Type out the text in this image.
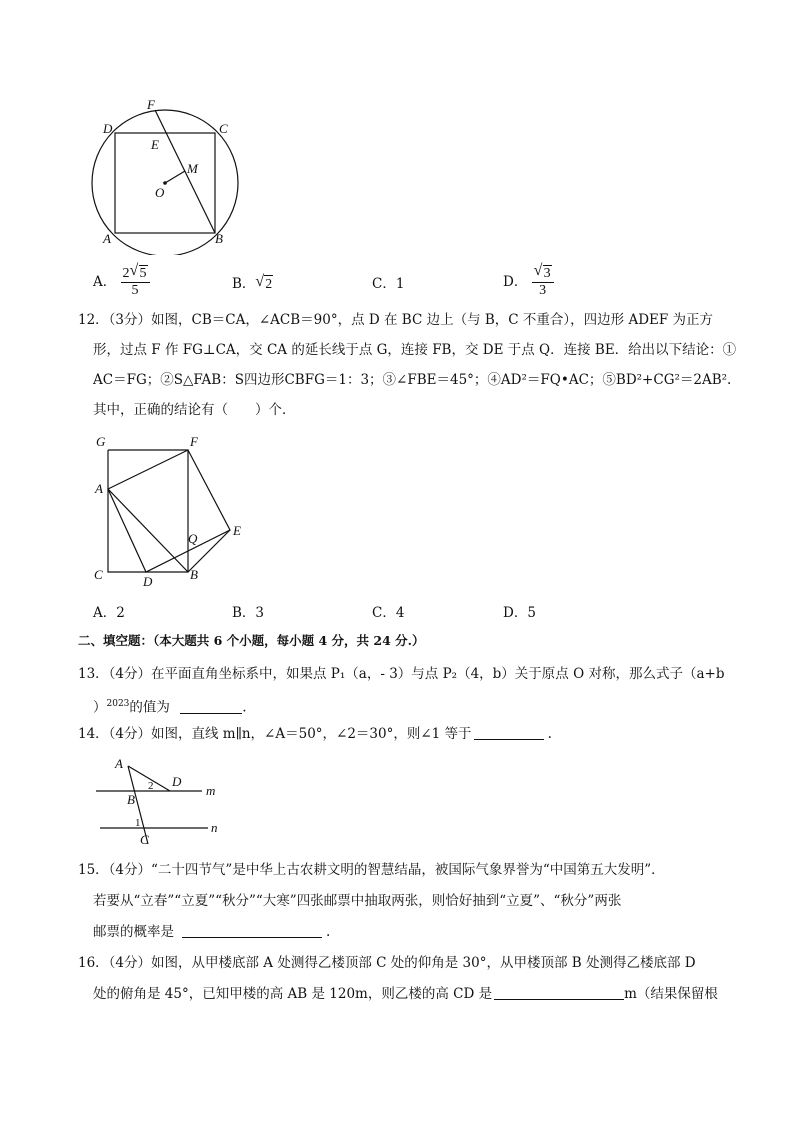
F
D	C
E
M
O
A	B
A． $\frac{2 √ 5}{5}$	B． √ 2	C．1	D． $\frac{√ 3}{3}$
12．（3分）如图，CB＝CA，∠ACB＝90°，点 D 在 BC 边上（与 B，C 不重合），四边形 ADEF 为正方
形，过点 F 作 FG⊥CA，交 CA 的延长线于点 G，连接 FB，交 DE 于点 Q．连接 BE．给出以下结论：①
AC＝FG；②S△FAB：S四边形CBFG＝1：3；③∠FBE＝45°；④AD²＝FQ•AC；⑤BD²+CG²＝2AB².
其中，正确的结论有（　　）个．
G	F
A
Q
E
C	D	B
A．2	B．3	C．4	D．5
二、填空题：（本大题共 6 个小题，每小题 4 分，共 24 分.）
13．（4分）在平面直角坐标系中，如果点 P₁（a，- 3）与点 P₂（4，b）关于原点 O 对称，那么式子（a+b
）$^{2023}$的值为	.
14．（4分）如图，直线 m∥n，∠A＝50°，∠2＝30°，则∠1 等于	.
A
2 D
m
B
1	n
C
15．（4分）“二十四节气”是中华上古农耕文明的智慧结晶，被国际气象界誉为“中国第五大发明”．
若要从“立春”“立夏”“秋分”“大寒”四张邮票中抽取两张，则恰好抽到“立夏”、“秋分”两张
邮票的概率是	.
16．（4分）如图，从甲楼底部 A 处测得乙楼顶部 C 处的仰角是 30°，从甲楼顶部 B 处测得乙楼底部 D
处的俯角是 45°，已知甲楼的高 AB 是 120m，则乙楼的高 CD 是	m（结果保留根
